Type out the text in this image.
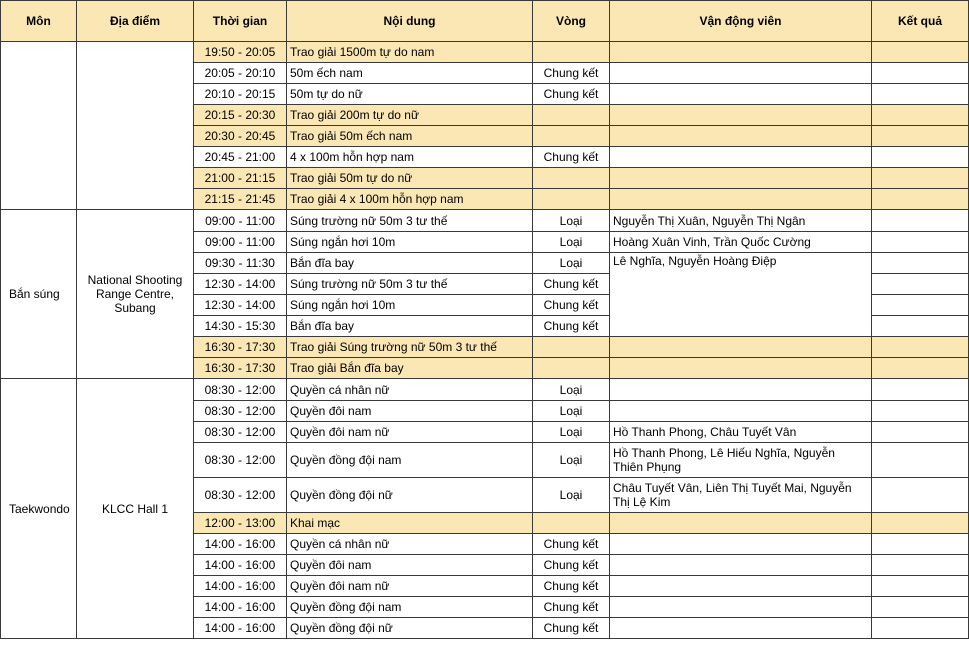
Môn	Địa điểm	Thời gian	Nội dung	Vòng	Vận động viên	Kết quả
		19:50 - 20:05	Trao giải 1500m tự do nam			
		20:05 - 20:10	50m ếch nam	Chung kết		
		20:10 - 20:15	50m tự do nữ	Chung kết		
		20:15 - 20:30	Trao giải 200m tự do nữ			
		20:30 - 20:45	Trao giải 50m ếch nam			
		20:45 - 21:00	4 x 100m hỗn hợp nam	Chung kết		
		21:00 - 21:15	Trao giải 50m tự do nữ			
		21:15 - 21:45	Trao giải 4 x 100m hỗn hợp nam			
Bắn súng	National Shooting Range Centre, Subang	09:00 - 11:00	Súng trường nữ 50m 3 tư thế	Loại	Nguyễn Thị Xuân, Nguyễn Thị Ngân	
		09:00 - 11:00	Súng ngắn hơi 10m	Loại	Hoàng Xuân Vinh, Trần Quốc Cường	
		09:30 - 11:30	Bắn đĩa bay	Loại	Lê Nghĩa, Nguyễn Hoàng Điệp	
		12:30 - 14:00	Súng trường nữ 50m 3 tư thế	Chung kết		
		12:30 - 14:00	Súng ngắn hơi 10m	Chung kết		
		14:30 - 15:30	Bắn đĩa bay	Chung kết		
		16:30 - 17:30	Trao giải Súng trường nữ 50m 3 tư thế			
		16:30 - 17:30	Trao giải Bắn đĩa bay			
Taekwondo	KLCC Hall 1	08:30 - 12:00	Quyền cá nhân nữ	Loại		
		08:30 - 12:00	Quyền đôi nam	Loại		
		08:30 - 12:00	Quyền đôi nam nữ	Loại	Hồ Thanh Phong, Châu Tuyết Vân	
		08:30 - 12:00	Quyền đồng đội nam	Loại	Hồ Thanh Phong, Lê Hiếu Nghĩa, Nguyễn Thiên Phụng	
		08:30 - 12:00	Quyền đồng đội nữ	Loại	Châu Tuyết Vân, Liên Thị Tuyết Mai, Nguyễn Thị Lệ Kim	
		12:00 - 13:00	Khai mạc			
		14:00 - 16:00	Quyền cá nhân nữ	Chung kết		
		14:00 - 16:00	Quyền đôi nam	Chung kết		
		14:00 - 16:00	Quyền đôi nam nữ	Chung kết		
		14:00 - 16:00	Quyền đồng đội nam	Chung kết		
		14:00 - 16:00	Quyền đồng đội nữ	Chung kết		
